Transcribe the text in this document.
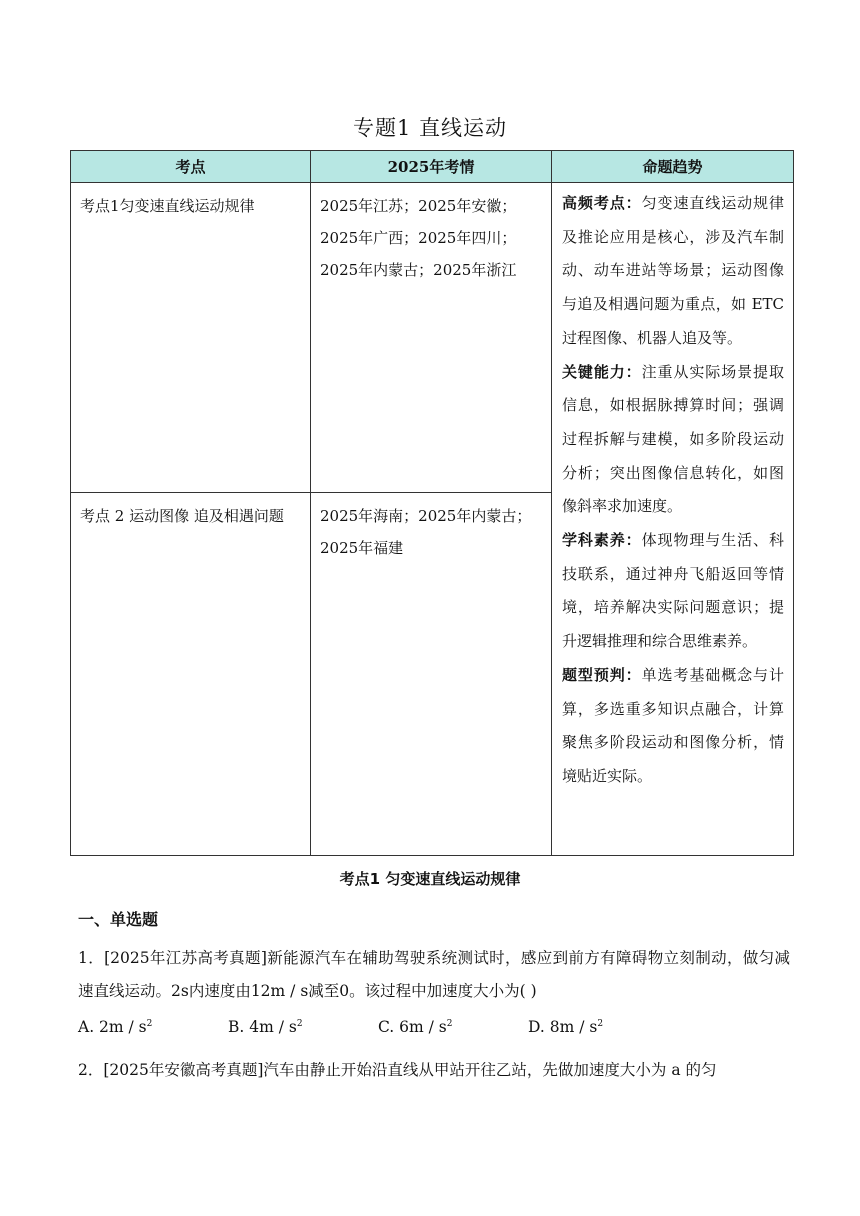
专题1 直线运动
考点	2025年考情	命题趋势

考点1匀变速直线运动规律	2025年江苏；2025年安徽；2025年广西；2025年四川；2025年内蒙古；2025年浙江	高频考点：匀变速直线运动规律及推论应用是核心，涉及汽车制动、动车进站等场景；运动图像与追及相遇问题为重点，如 ETC 过程图像、机器人追及等。
关键能力：注重从实际场景提取信息，如根据脉搏算时间；强调过程拆解与建模，如多阶段运动分析；突出图像信息转化，如图像斜率求加速度。
学科素养：体现物理与生活、科技联系，通过神舟飞船返回等情境，培养解决实际问题意识；提升逻辑推理和综合思维素养。
题型预判：单选考基础概念与计算，多选重多知识点融合，计算聚焦多阶段运动和图像分析，情境贴近实际。

考点 2 运动图像 追及相遇问题	2025年海南；2025年内蒙古；2025年福建	
考点1 匀变速直线运动规律
一、单选题
1．[2025年江苏高考真题]新能源汽车在辅助驾驶系统测试时，感应到前方有障碍物立刻制动，做匀减速直线运动。2s内速度由12m / s减至0。该过程中加速度大小为( )
A. $2m / s^2$	B. $4m / s^2$	C. $6m / s^2$	D. $8m / s^2$
2．[2025年安徽高考真题]汽车由静止开始沿直线从甲站开往乙站，先做加速度大小为 a 的匀
